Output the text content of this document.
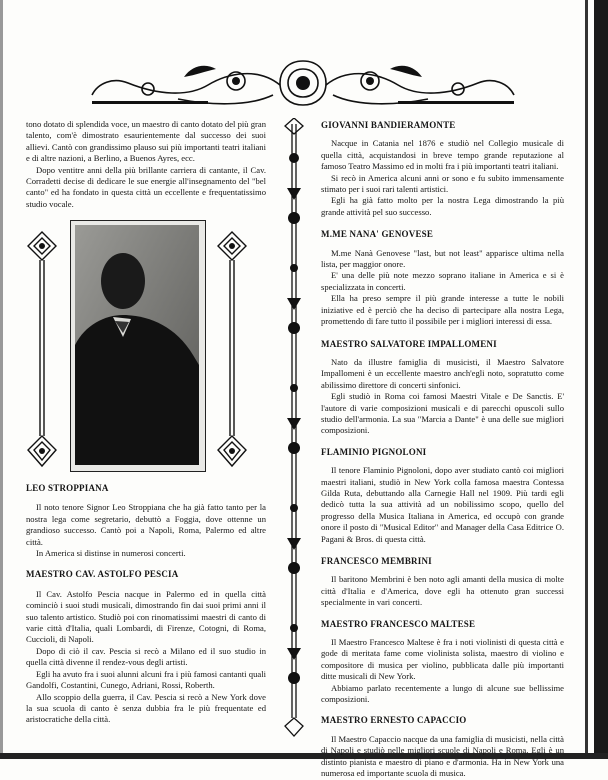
tono dotato di splendida voce, un maestro di canto dotato del più gran talento, com'è dimostrato esaurientemente dal successo dei suoi allievi. Cantò con grandissimo plauso sui più importanti teatri italiani e di altre nazioni, a Berlino, a Buenos Ayres, ecc.

Dopo ventitre anni della più brillante carriera di cantante, il Cav. Corradetti decise di dedicare le sue energie all'insegnamento del "bel canto" ed ha fondato in questa città un eccellente e frequentatissimo studio vocale.

LEO STROPPIANA

Il noto tenore Signor Leo Stroppiana che ha già fatto tanto per la nostra lega come segretario, debuttò a Foggia, dove ottenne un grandioso successo. Cantò poi a Napoli, Roma, Palermo ed altre città.

In America si distinse in numerosi concerti.

MAESTRO CAV. ASTOLFO PESCIA

Il Cav. Astolfo Pescia nacque in Palermo ed in quella città cominciò i suoi studi musicali, dimostrando fin dai suoi primi anni il suo talento artistico. Studiò poi con rinomatissimi maestri di canto di varie città d'Italia, quali Lombardi, di Firenze, Cotogni, di Roma, Cuccioli, di Napoli.

Dopo di ciò il cav. Pescia si recò a Milano ed il suo studio in quella città divenne il rendez-vous degli artisti.

Egli ha avuto fra i suoi alunni alcuni fra i più famosi cantanti quali Gandolfi, Costantini, Cunego, Adriani, Rossi, Roberth.

Allo scoppio della guerra, il Cav. Pescia si recò a New York dove la sua scuola di canto è senza dubbia fra le più frequentate ed aristocratiche della città.

GIOVANNI BANDIERAMONTE

Nacque in Catania nel 1876 e studiò nel Collegio musicale di quella città, acquistandosi in breve tempo grande reputazione al famoso Teatro Massimo ed in molti fra i più importanti teatri italiani.

Si recò in America alcuni anni or sono e fu subito immensamente stimato per i suoi rari talenti artistici.

Egli ha già fatto molto per la nostra Lega dimostrando la più grande attività pel suo successo.

M.ME NANA' GENOVESE

M.me Nanà Genovese "last, but not least" apparisce ultima nella lista, per maggior onore.

E' una delle più note mezzo soprano italiane in America e si è specializzata in concerti.

Ella ha preso sempre il più grande interesse a tutte le nobili iniziative ed è perciò che ha deciso di partecipare alla nostra Lega, promettendo di fare tutto il possibile per i migliori interessi di essa.

MAESTRO SALVATORE IMPALLOMENI

Nato da illustre famiglia di musicisti, il Maestro Salvatore Impallomeni è un eccellente maestro anch'egli noto, sopratutto come abilissimo direttore di concerti sinfonici.

Egli studiò in Roma coi famosi Maestri Vitale e De Sanctis. E' l'autore di varie composizioni musicali e di parecchi opuscoli sullo studio dell'armonia. La sua "Marcia a Dante" è una delle sue migliori composizioni.

FLAMINIO PIGNOLONI

Il tenore Flaminio Pignoloni, dopo aver studiato cantò coi migliori maestri italiani, studiò in New York colla famosa maestra Contessa Gilda Ruta, debuttando alla Carnegie Hall nel 1909. Più tardi egli dedicò tutta la sua attività ad un nobilissimo scopo, quello del progresso della Musica Italiana in America, ed occupò con grande onore il posto di "Musical Editor" and Manager della Casa Editrice O. Pagani & Bros. di questa città.

FRANCESCO MEMBRINI

Il baritono Membrini è ben noto agli amanti della musica di molte città d'Italia e d'America, dove egli ha ottenuto gran successi specialmente in vari concerti.

MAESTRO FRANCESCO MALTESE

Il Maestro Francesco Maltese è fra i noti violinisti di questa città e gode di meritata fame come violinista solista, maestro di violino e compositore di musica per violino, pubblicata dalle più importanti ditte musicali di New York.

Abbiamo parlato recentemente a lungo di alcune sue bellissime composizioni.

MAESTRO ERNESTO CAPACCIO

Il Maestro Capaccio nacque da una famiglia di musicisti, nella città di Napoli e studiò nelle migliori scuole di Napoli e Roma. Egli è un distinto pianista e maestro di piano e d'armonia. Ha in New York una numerosa ed importante scuola di musica.
